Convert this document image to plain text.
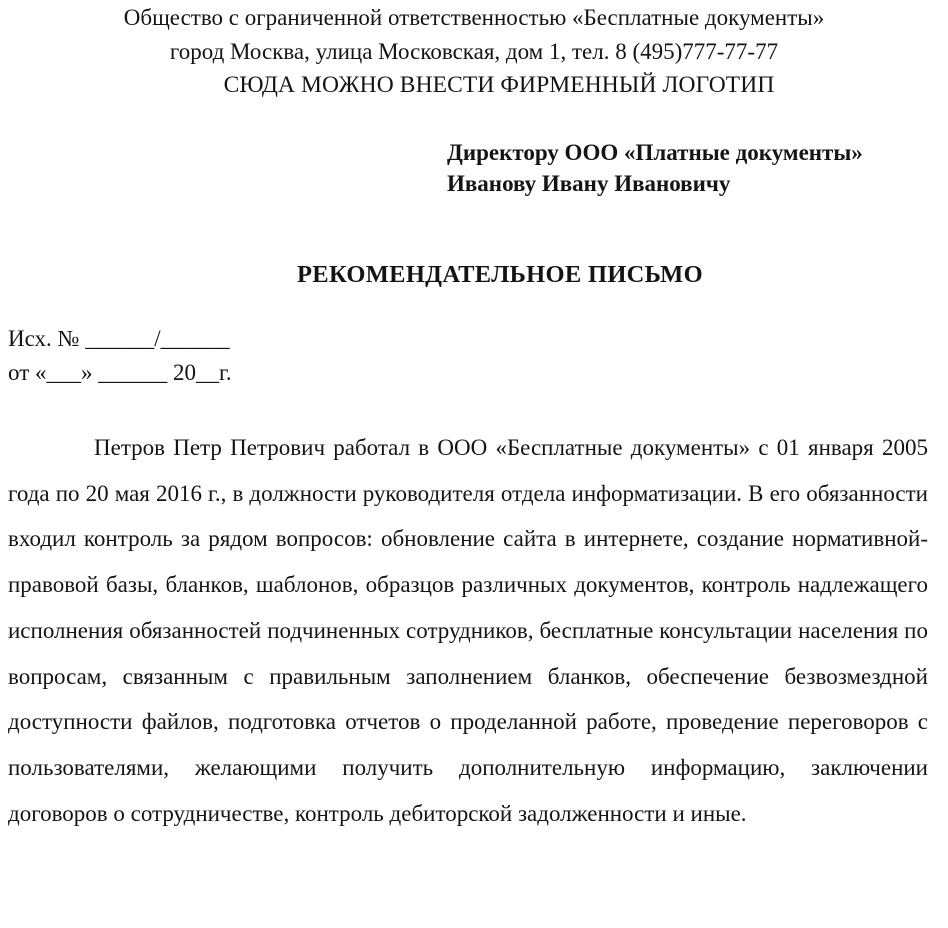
Общество с ограниченной ответственностью «Бесплатные документы»
город Москва, улица Московская, дом 1, тел. 8 (495)777-77-77
СЮДА МОЖНО ВНЕСТИ ФИРМЕННЫЙ ЛОГОТИП
Директору ООО «Платные документы»
Иванову Ивану Ивановичу
РЕКОМЕНДАТЕЛЬНОЕ ПИСЬМО
Исх. № ______/______
от «___» ______ 20__г.

Петров Петр Петрович работал в ООО «Бесплатные документы» с 01 января 2005 года по 20 мая 2016 г., в должности руководителя отдела информатизации. В его обязанности входил контроль за рядом вопросов: обновление сайта в интернете, создание нормативной-правовой базы, бланков, шаблонов, образцов различных документов, контроль надлежащего исполнения обязанностей подчиненных сотрудников, бесплатные консультации населения по вопросам, связанным с правильным заполнением бланков, обеспечение безвозмездной доступности файлов, подготовка отчетов о проделанной работе, проведение переговоров с пользователями, желающими получить дополнительную информацию, заключении договоров о сотрудничестве, контроль дебиторской задолженности и иные.
